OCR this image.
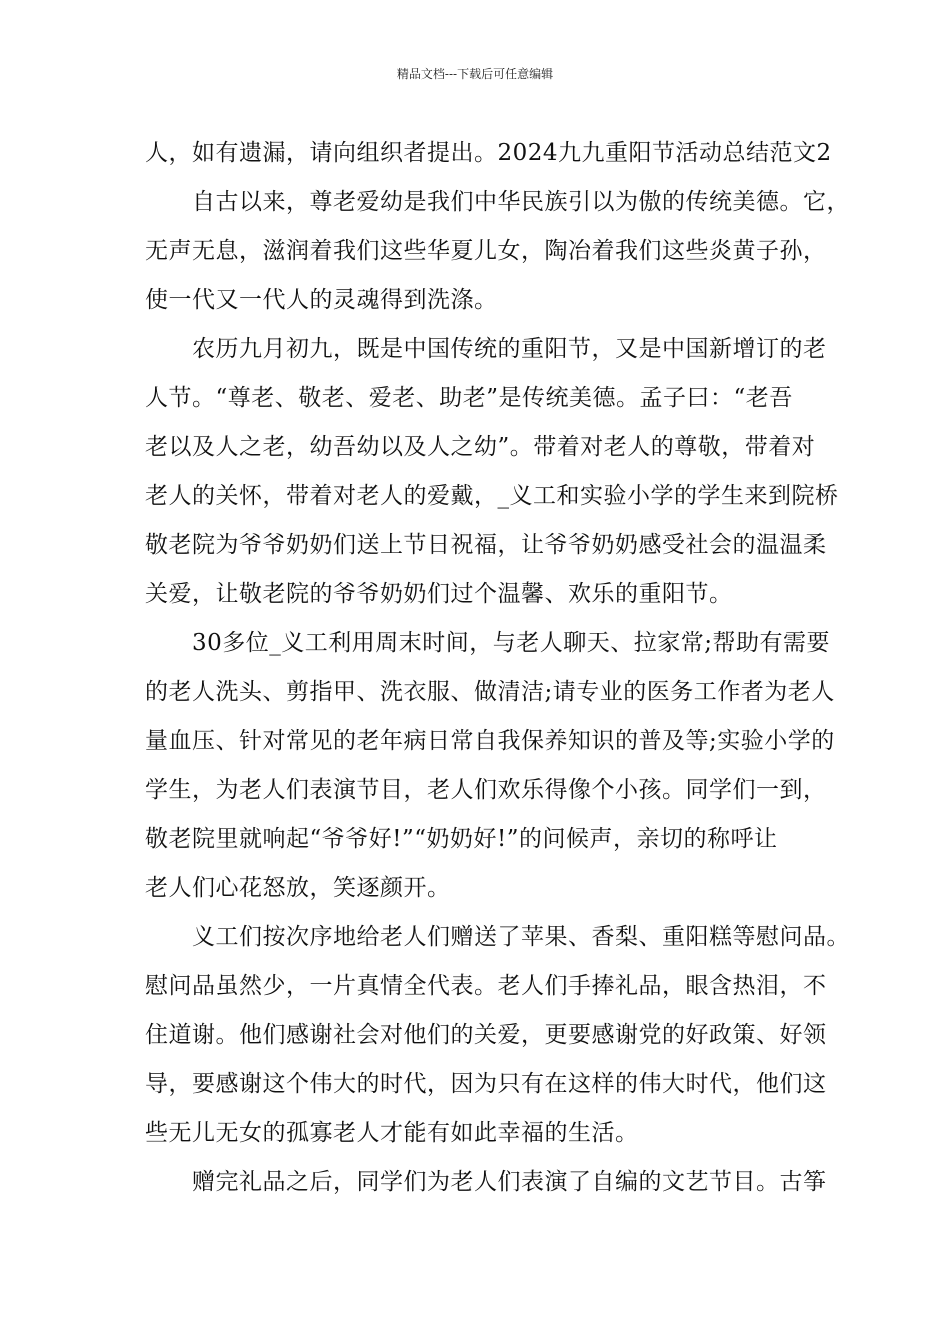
精品文档---下载后可任意编辑
人，如有遗漏，请向组织者提出。2024九九重阳节活动总结范文2
自古以来，尊老爱幼是我们中华民族引以为傲的传统美德。它，
无声无息，滋润着我们这些华夏儿女，陶冶着我们这些炎黄子孙，
使一代又一代人的灵魂得到洗涤。
农历九月初九，既是中国传统的重阳节，又是中国新增订的老
人节。“尊老、敬老、爱老、助老”是传统美德。孟子曰：“老吾
老以及人之老，幼吾幼以及人之幼”。带着对老人的尊敬，带着对
老人的关怀，带着对老人的爱戴，_义工和实验小学的学生来到院桥
敬老院为爷爷奶奶们送上节日祝福，让爷爷奶奶感受社会的温温柔
关爱，让敬老院的爷爷奶奶们过个温馨、欢乐的重阳节。
30多位_义工利用周末时间，与老人聊天、拉家常;帮助有需要
的老人洗头、剪指甲、洗衣服、做清洁;请专业的医务工作者为老人
量血压、针对常见的老年病日常自我保养知识的普及等;实验小学的
学生，为老人们表演节目，老人们欢乐得像个小孩。同学们一到，
敬老院里就响起“爷爷好!”“奶奶好!”的问候声，亲切的称呼让
老人们心花怒放，笑逐颜开。
义工们按次序地给老人们赠送了苹果、香梨、重阳糕等慰问品。
慰问品虽然少，一片真情全代表。老人们手捧礼品，眼含热泪，不
住道谢。他们感谢社会对他们的关爱，更要感谢党的好政策、好领
导，要感谢这个伟大的时代，因为只有在这样的伟大时代，他们这
些无儿无女的孤寡老人才能有如此幸福的生活。
赠完礼品之后，同学们为老人们表演了自编的文艺节目。古筝
